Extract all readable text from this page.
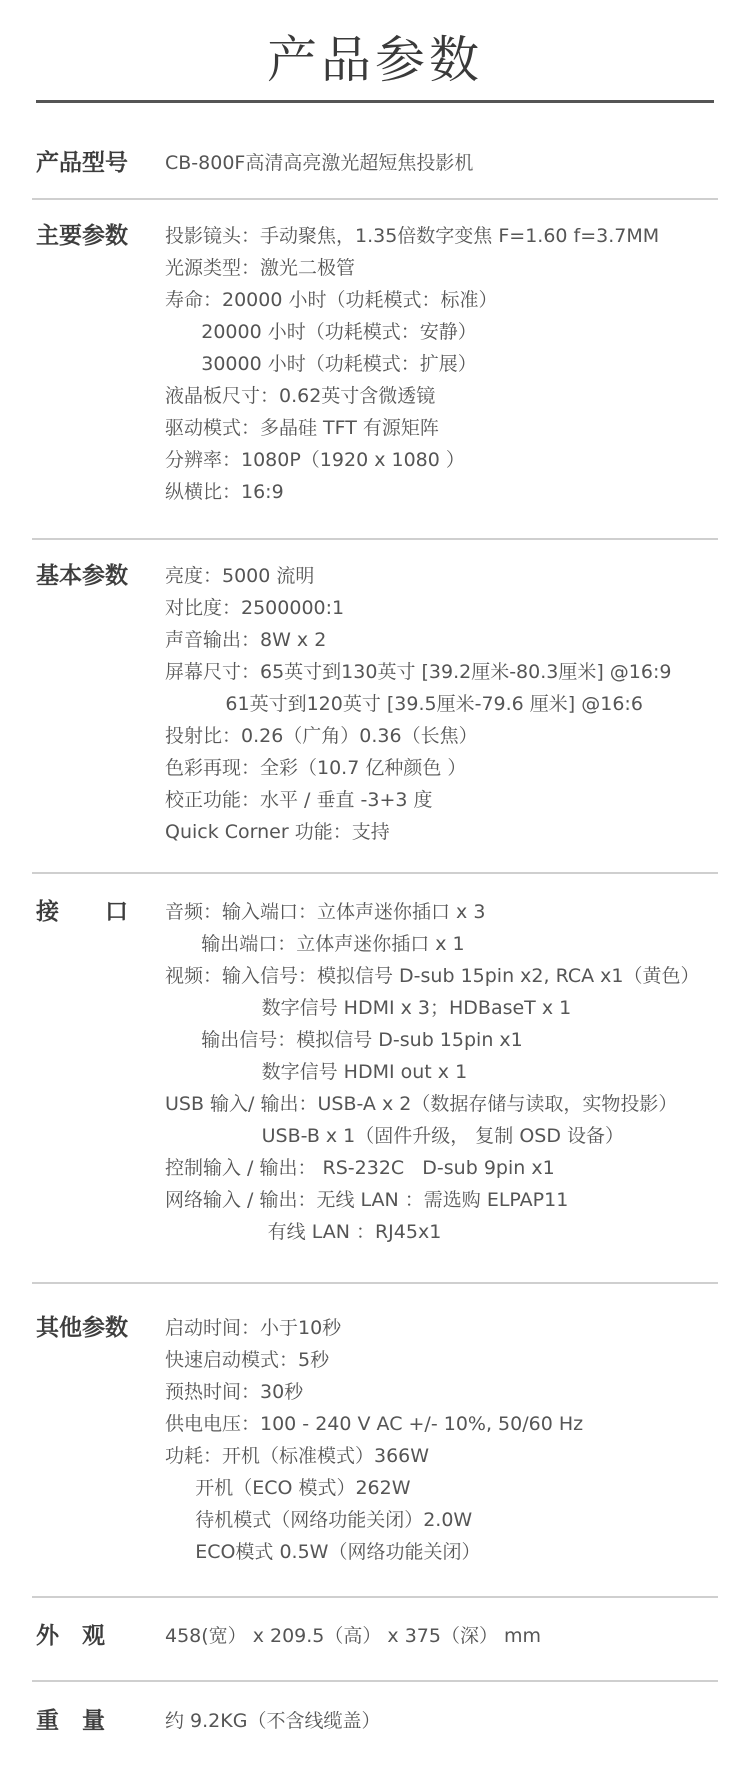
产品参数
产品型号 CB-800F高清高亮激光超短焦投影机
主要参数 投影镜头：手动聚焦，1.35倍数字变焦 F=1.60 f=3.7MM
光源类型：激光二极管
寿命：20000 小时（功耗模式：标准）
20000 小时（功耗模式：安静）
30000 小时（功耗模式：扩展）
液晶板尺寸：0.62英寸含微透镜
驱动模式：多晶硅 TFT 有源矩阵
分辨率：1080P（1920 x 1080 ）
纵横比：16:9
基本参数 亮度：5000 流明
对比度：2500000:1
声音输出：8W x 2
屏幕尺寸：65英寸到130英寸 [39.2厘米-80.3厘米] @16:9
61英寸到120英寸 [39.5厘米-79.6 厘米] @16:6
投射比：0.26（广角）0.36（长焦）
色彩再现：全彩（10.7 亿种颜色 ）
校正功能：水平 / 垂直 -3+3 度
Quick Corner 功能：支持
接　　口 音频：输入端口：立体声迷你插口 x 3
输出端口：立体声迷你插口 x 1
视频：输入信号：模拟信号 D-sub 15pin x2, RCA x1（黄色）
数字信号 HDMI x 3；HDBaseT x 1
输出信号：模拟信号 D-sub 15pin x1
数字信号 HDMI out x 1
USB 输入/ 输出：USB-A x 2（数据存储与读取，实物投影）
USB-B x 1（固件升级， 复制 OSD 设备）
控制输入 / 输出： RS-232C   D-sub 9pin x1
网络输入 / 输出：无线 LAN ：需选购 ELPAP11
有线 LAN ：RJ45x1
其他参数 启动时间：小于10秒
快速启动模式：5秒
预热时间：30秒
供电电压：100 - 240 V AC +/- 10%, 50/60 Hz
功耗：开机（标准模式）366W
开机（ECO 模式）262W
待机模式（网络功能关闭）2.0W
ECO模式 0.5W（网络功能关闭）
外　观	458(宽） x 209.5（高） x 375（深） mm
重　量	约 9.2KG（不含线缆盖）
